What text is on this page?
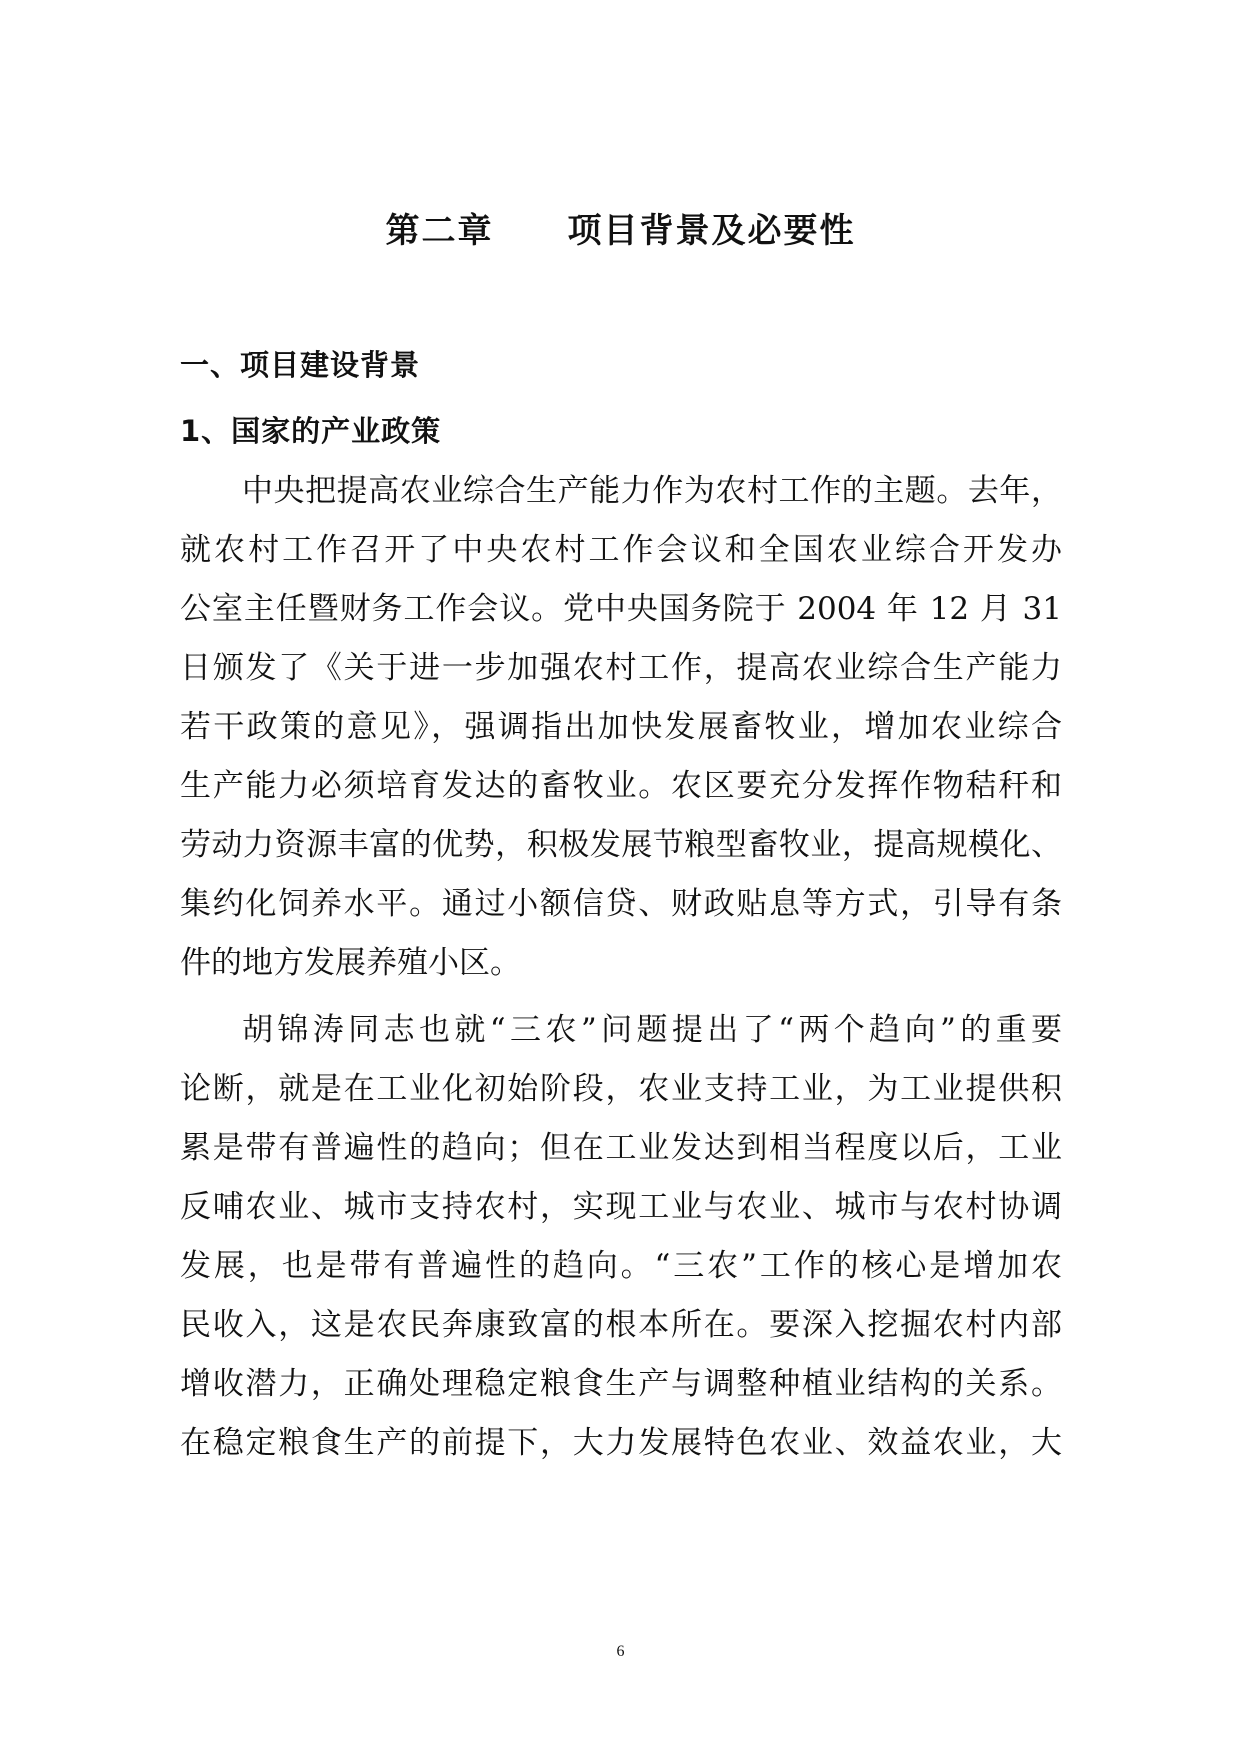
第二章 项目背景及必要性
一、项目建设背景
1、国家的产业政策
中央把提高农业综合生产能力作为农村工作的主题。去年，
就农村工作召开了中央农村工作会议和全国农业综合开发办
公室主任暨财务工作会议。党中央国务院于 2004 年 12 月 31
日颁发了《关于进一步加强农村工作，提高农业综合生产能力
若干政策的意见》，强调指出加快发展畜牧业，增加农业综合
生产能力必须培育发达的畜牧业。农区要充分发挥作物秸秆和
劳动力资源丰富的优势，积极发展节粮型畜牧业，提高规模化、
集约化饲养水平。通过小额信贷、财政贴息等方式，引导有条
件的地方发展养殖小区。
胡锦涛同志也就“三农”问题提出了“两个趋向”的重要
论断，就是在工业化初始阶段，农业支持工业，为工业提供积
累是带有普遍性的趋向；但在工业发达到相当程度以后，工业
反哺农业、城市支持农村，实现工业与农业、城市与农村协调
发展，也是带有普遍性的趋向。“三农”工作的核心是增加农
民收入，这是农民奔康致富的根本所在。要深入挖掘农村内部
增收潜力，正确处理稳定粮食生产与调整种植业结构的关系。
在稳定粮食生产的前提下，大力发展特色农业、效益农业，大
6
